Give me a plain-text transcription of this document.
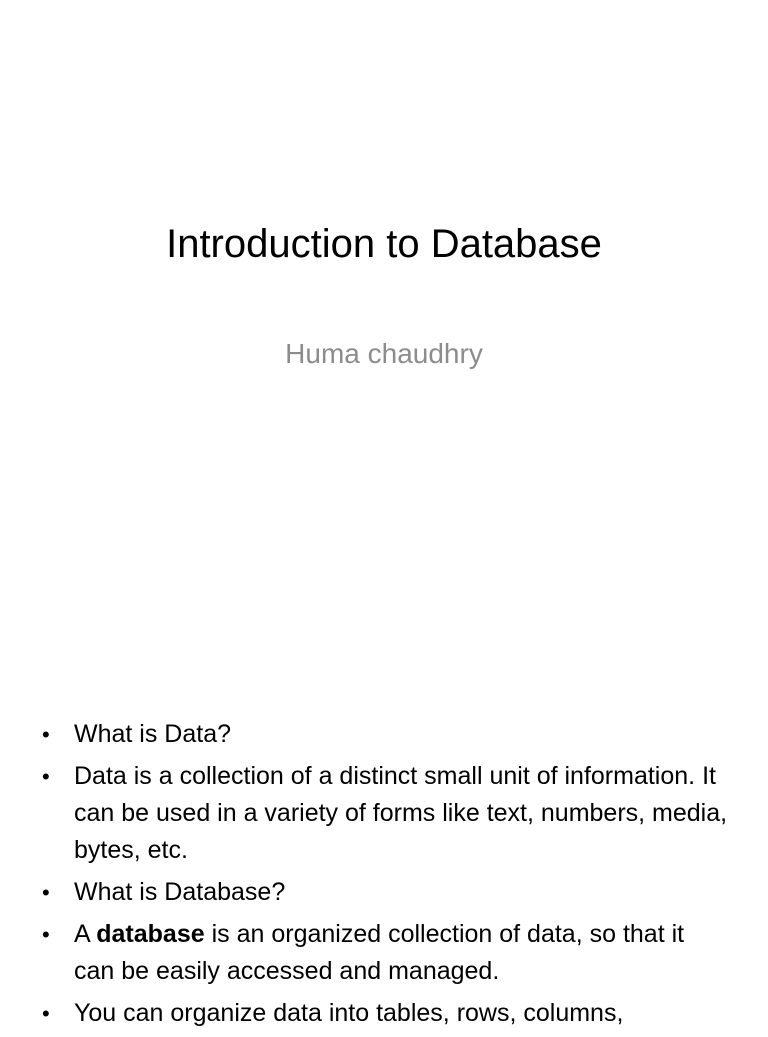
Introduction to Database
Huma chaudhry
• What is Data?
• Data is a collection of a distinct small unit of information. It can be used in a variety of forms like text, numbers, media, bytes, etc.
• What is Database?
• A database is an organized collection of data, so that it can be easily accessed and managed.
• You can organize data into tables, rows, columns,
